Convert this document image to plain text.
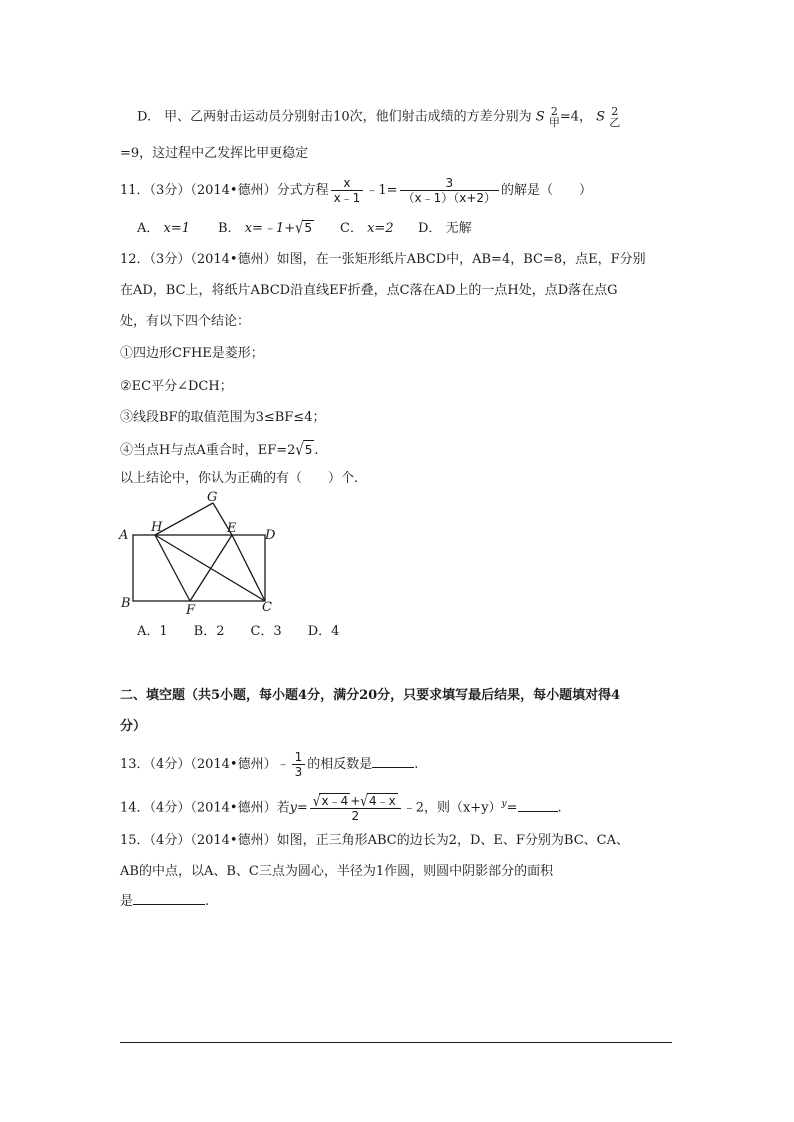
D.　甲、乙两射击运动员分别射击10次，他们射击成绩的方差分别为 S 2
甲 =4， S 2
乙
=9，这过程中乙发挥比甲更稳定
11．（3分）（2014•德州）分式方程 $\frac{x}{x﹣1}$ ﹣1= $\frac{3}{(x﹣1)(x+2)}$ 的解是（　　）
A． x=1 B． x=﹣1+√5 C． x=2 D． 无解
12．（3分）（2014•德州）如图，在一张矩形纸片ABCD中，AB=4，BC=8，点E，F分别
在AD，BC上，将纸片ABCD沿直线EF折叠，点C落在AD上的一点H处，点D落在点G
处，有以下四个结论：
①四边形CFHE是菱形；
②EC平分∠DCH；
③线段BF的取值范围为3≤BF≤4；
④当点H与点A重合时，EF=2√5 .
以上结论中，你认为正确的有（　　）个.
A
B	C
D
E
F
G
H
A．1　　B．2　　C．3　　D．4
二、填空题（共5小题，每小题4分，满分20分，只要求填写最后结果，每小题填对得4
分）
13．（4分）（2014•德州）﹣ $\frac{1}{3}$ 的相反数是	.
14．（4分）（2014•德州）若$y= \frac{√x﹣4 +√4﹣x}{2}$ ﹣2，则$(x+y)^y=$	.
15．（4分）（2014•德州）如图，正三角形ABC的边长为2，D、E、F分别为BC、CA、
AB的中点，以A、B、C三点为圆心，半径为1作圆，则圆中阴影部分的面积
是	.
